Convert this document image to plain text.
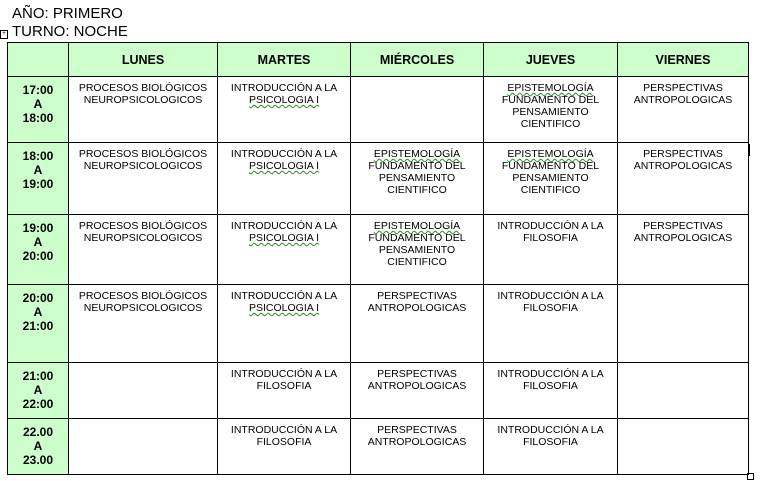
AÑO: PRIMERO
TURNO: NOCHE
+
	LUNES	MARTES	MIÉRCOLES	JUEVES	VIERNES

17:00
A
18:00	PROCESOS BIOLÓGICOS
NEUROPSICOLOGICOS	INTRODUCCIÓN A LA
PSICOLOGIA I		EPISTEMOLOGÍA
FUNDAMENTO DEL
PENSAMIENTO
CIENTIFICO	PERSPECTIVAS
ANTROPOLOGICAS

18:00
A
19:00	PROCESOS BIOLÓGICOS
NEUROPSICOLOGICOS	INTRODUCCIÓN A LA
PSICOLOGIA I	EPISTEMOLOGÍA
FUNDAMENTO DEL
PENSAMIENTO
CIENTIFICO	EPISTEMOLOGÍA
FUNDAMENTO DEL
PENSAMIENTO
CIENTIFICO	PERSPECTIVAS
ANTROPOLOGICAS

19:00
A
20:00	PROCESOS BIOLÓGICOS
NEUROPSICOLOGICOS	INTRODUCCIÓN A LA
PSICOLOGIA I	EPISTEMOLOGÍA
FUNDAMENTO DEL
PENSAMIENTO
CIENTIFICO	INTRODUCCIÓN A LA
FILOSOFIA	PERSPECTIVAS
ANTROPOLOGICAS

20:00
A
21:00	PROCESOS BIOLÓGICOS
NEUROPSICOLOGICOS	INTRODUCCIÓN A LA
PSICOLOGIA I	PERSPECTIVAS
ANTROPOLOGICAS	INTRODUCCIÓN A LA
FILOSOFIA	

21:00
A
22:00		INTRODUCCIÓN A LA
FILOSOFIA	PERSPECTIVAS
ANTROPOLOGICAS	INTRODUCCIÓN A LA
FILOSOFIA	

22.00
A
23.00		INTRODUCCIÓN A LA
FILOSOFIA	PERSPECTIVAS
ANTROPOLOGICAS	INTRODUCCIÓN A LA
FILOSOFIA	
